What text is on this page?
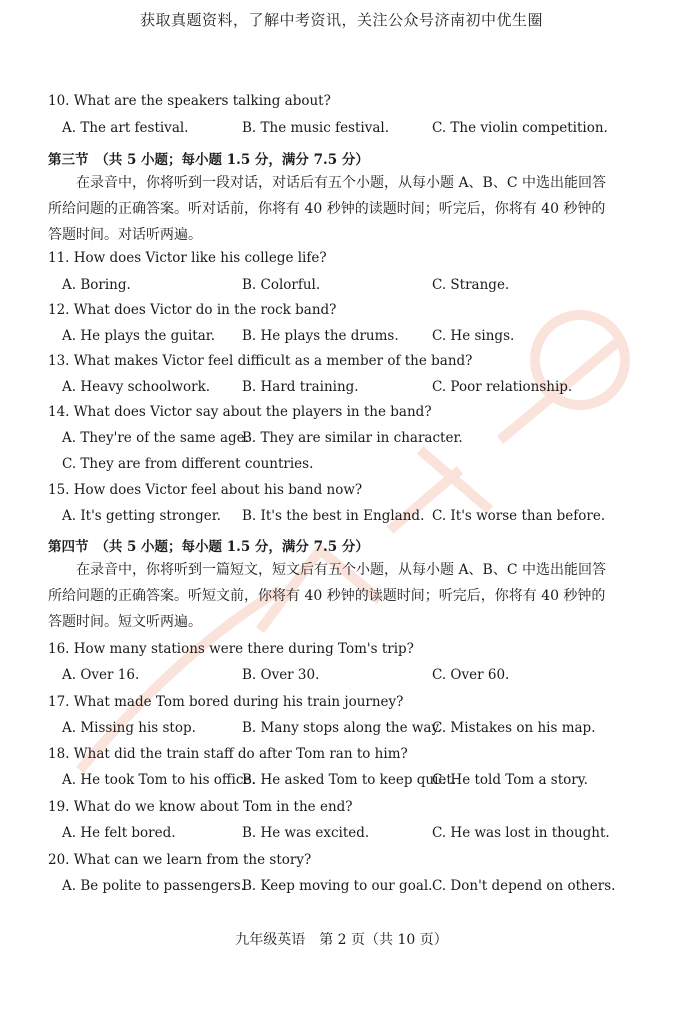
获取真题资料，了解中考资讯，关注公众号济南初中优生圈
10. What are the speakers talking about?
A. The art festival.	B. The music festival.	C. The violin competition.
第三节　（共 5 小题；每小题 1.5 分，满分 7.5 分）
在录音中，你将听到一段对话，对话后有五个小题，从每小题 A、B、C 中选出能回答所给问题的正确答案。听对话前，你将有 40 秒钟的读题时间；听完后，你将有 40 秒钟的答题时间。对话听两遍。
11. How does Victor like his college life?
A. Boring.	B. Colorful.	C. Strange.
12. What does Victor do in the rock band?
A. He plays the guitar. B. He plays the drums. C. He sings.
13. What makes Victor feel difficult as a member of the band?
A. Heavy schoolwork. B. Hard training.	C. Poor relationship.
14. What does Victor say about the players in the band?
A. They're of the same age.
B. They are similar in character.
C. They are from different countries.
15. How does Victor feel about his band now?
A. It's getting stronger. B. It's the best in England. C. It's worse than before.
第四节　（共 5 小题；每小题 1.5 分，满分 7.5 分）
在录音中，你将听到一篇短文，短文后有五个小题，从每小题 A、B、C 中选出能回答所给问题的正确答案。听短文前，你将有 40 秒钟的读题时间；听完后，你将有 40 秒钟的答题时间。短文听两遍。
16. How many stations were there during Tom's trip?
A. Over 16.	B. Over 30.	C. Over 60.
17. What made Tom bored during his train journey?
A. Missing his stop.	B. Many stops along the way.
C. Mistakes on his map.
18. What did the train staff do after Tom ran to him?
A. He took Tom to his office.
B. He asked Tom to keep quiet.
C. He told Tom a story.
19. What do we know about Tom in the end?
A. He felt bored.	B. He was excited.	C. He was lost in thought.
20. What can we learn from the story?
A. Be polite to passengers.
B. Keep moving to our goal. C. Don't depend on others.
九年级英语　第 2 页（共 10 页）
